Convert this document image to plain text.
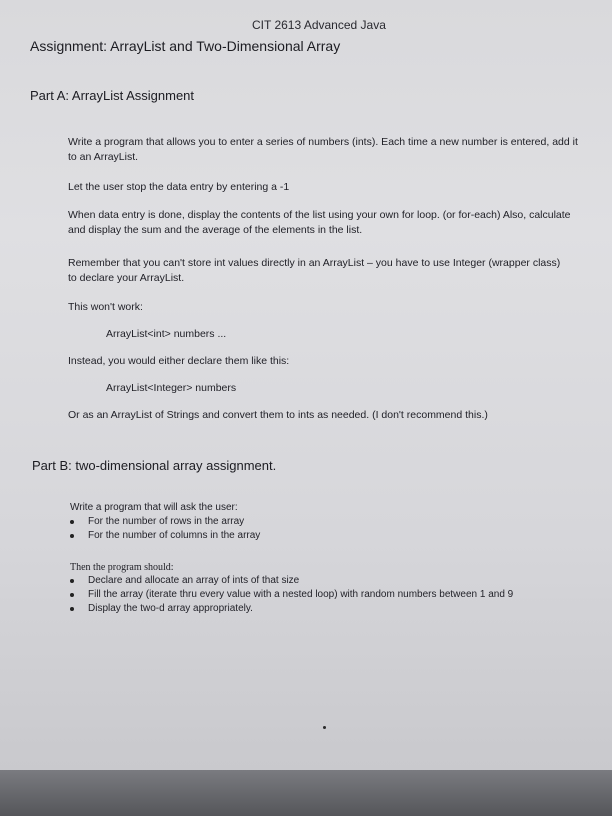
CIT 2613 Advanced Java
Assignment: ArrayList and Two-Dimensional Array
Part A: ArrayList Assignment
Write a program that allows you to enter a series of numbers (ints). Each time a new number is entered, add it to an ArrayList.
Let the user stop the data entry by entering a -1
When data entry is done, display the contents of the list using your own for loop. (or for-each) Also, calculate and display the sum and the average of the elements in the list.
Remember that you can't store int values directly in an ArrayList – you have to use Integer (wrapper class) to declare your ArrayList.
This won't work:
ArrayList<int> numbers ...
Instead, you would either declare them like this:
ArrayList<Integer> numbers
Or as an ArrayList of Strings and convert them to ints as needed. (I don't recommend this.)
Part B: two-dimensional array assignment.
Write a program that will ask the user:
For the number of rows in the array
For the number of columns in the array
Then the program should:
Declare and allocate an array of ints of that size
Fill the array (iterate thru every value with a nested loop) with random numbers between 1 and 9
Display the two-d array appropriately.
